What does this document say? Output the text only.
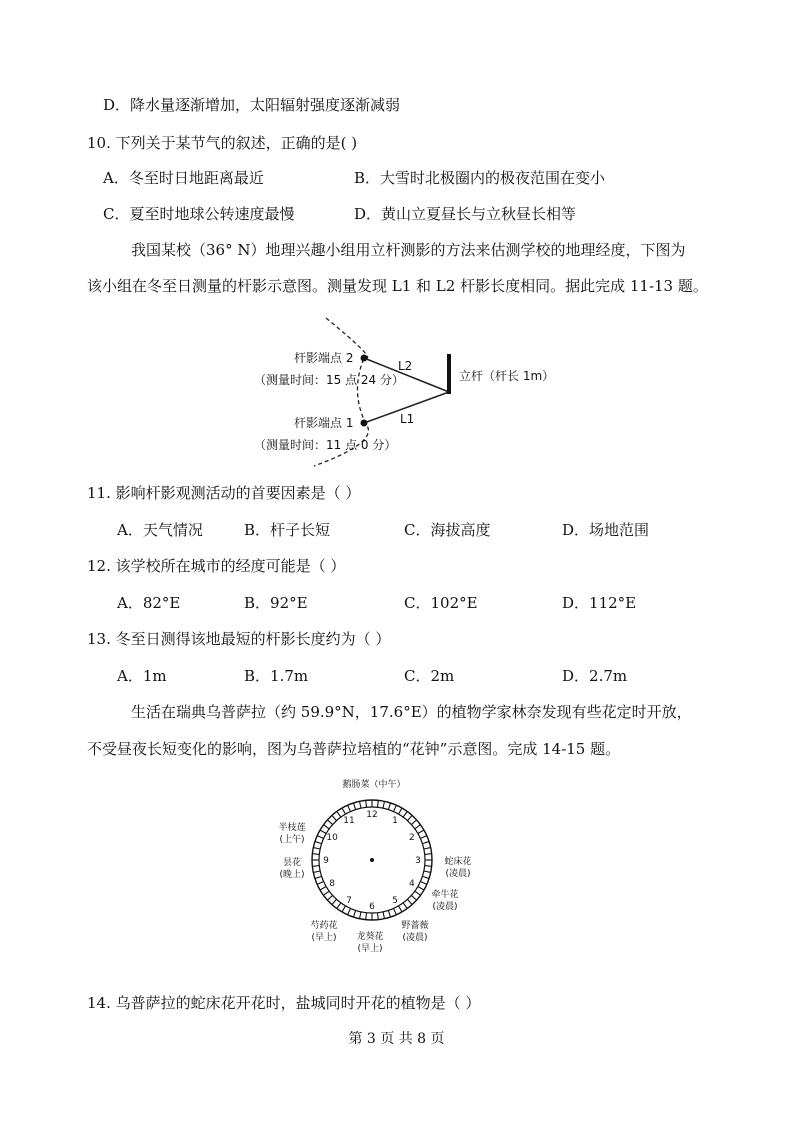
D．降水量逐渐增加，太阳辐射强度逐渐减弱
10. 下列关于某节气的叙述，正确的是( )
A．冬至时日地距离最近	B．大雪时北极圈内的极夜范围在变小
C．夏至时地球公转速度最慢	D．黄山立夏昼长与立秋昼长相等
我国某校（36° N）地理兴趣小组用立杆测影的方法来估测学校的地理经度，下图为
该小组在冬至日测量的杆影示意图。测量发现 L1 和 L2 杆影长度相同。据此完成 11-13 题。
杆影端点 2
（测量时间：15 点 24 分）
杆影端点 1
（测量时间：11 点 0 分）
L2
L1
立杆（杆长 1m）
11. 影响杆影观测活动的首要因素是（ ）
A．天气情况	B．杆子长短	C．海拔高度	D．场地范围
12. 该学校所在城市的经度可能是（ ）
A．82°E	B．92°E	C．102°E	D．112°E
13. 冬至日测得该地最短的杆影长度约为（ ）
A．1m	B．1.7m	C．2m	D．2.7m
生活在瑞典乌普萨拉（约 59.9°N，17.6°E）的植物学家林奈发现有些花定时开放，
不受昼夜长短变化的影响，图为乌普萨拉培植的“花钟”示意图。完成 14-15 题。
12
1
2
3
4
5
6
7
8
9
10
11
鹅肠菜（中午）
半枝莲
(上午)
昙花
(晚上)
蛇床花
(凌晨)
牵牛花
(凌晨)
野蔷薇
(凌晨)
龙葵花
(早上)
芍药花
(早上)
14. 乌普萨拉的蛇床花开花时，盐城同时开花的植物是（ ）
第 3 页 共 8 页
